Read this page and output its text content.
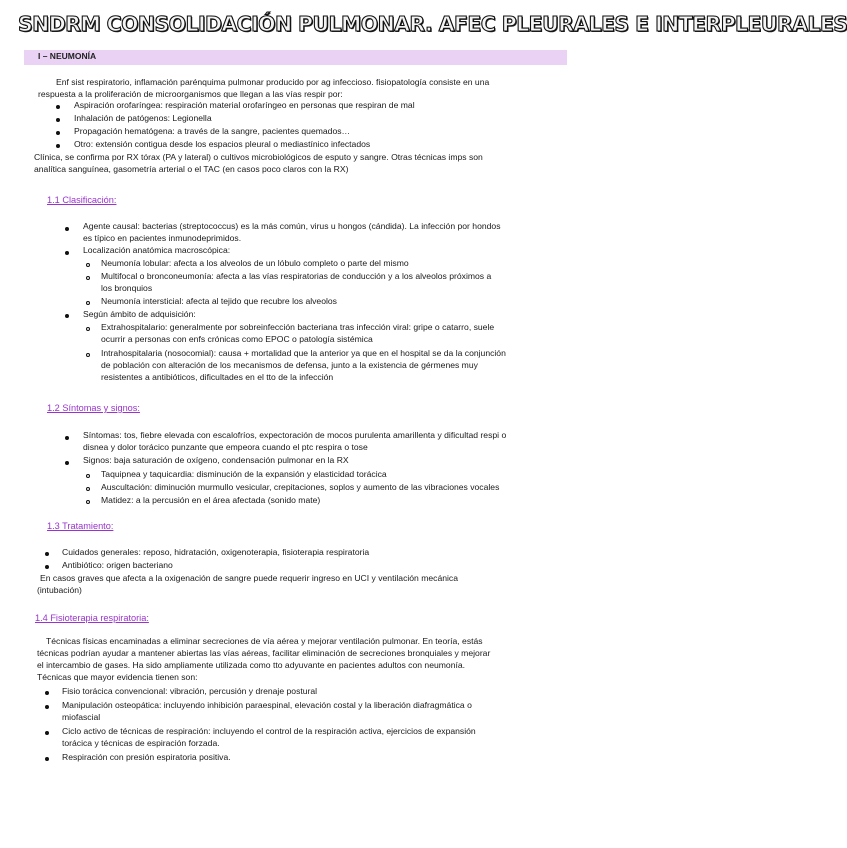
SNDRM CONSOLIDACIÓN PULMONAR. AFEC PLEURALES E INTERPLEURALES
I – NEUMONÍA
Enf sist respiratorio, inflamación parénquima pulmonar producido por ag infeccioso. fisiopatología consiste en una
respuesta a la proliferación de microorganismos que llegan a las vías respir por:
Aspiración orofaríngea: respiración material orofaríngeo en personas que respiran de mal
Inhalación de patógenos: Legionella
Propagación hematógena: a través de la sangre, pacientes quemados…
Otro: extensión contigua desde los espacios pleural o mediastínico infectados
Clínica, se confirma por RX tórax (PA y lateral) o cultivos microbiológicos de esputo y sangre. Otras técnicas imps son
analítica sanguínea, gasometría arterial o el TAC (en casos poco claros con la RX)
1.1 Clasificación:
Agente causal: bacterias (streptococcus) es la más común, virus u hongos (cándida). La infección por hondos
es típico en pacientes inmunodeprimidos.
Localización anatómica macroscópica:
Neumonía lobular: afecta a los alveolos de un lóbulo completo o parte del mismo
Multifocal o bronconeumonía: afecta a las vías respiratorias de conducción y a los alveolos próximos a
los bronquios
Neumonía intersticial: afecta al tejido que recubre los alveolos
Según ámbito de adquisición:
Extrahospitalario: generalmente por sobreinfección bacteriana tras infección viral: gripe o catarro, suele
ocurrir a personas con enfs crónicas como EPOC o patología sistémica
Intrahospitalaria (nosocomial): causa + mortalidad que la anterior ya que en el hospital se da la conjunción
de población con alteración de los mecanismos de defensa, junto a la existencia de gérmenes muy
resistentes a antibióticos, dificultades en el tto de la infección
1.2 Síntomas y signos:
Síntomas: tos, fiebre elevada con escalofríos, expectoración de mocos purulenta amarillenta y dificultad respi o
disnea y dolor torácico punzante que empeora cuando el ptc respira o tose
Signos: baja saturación de oxígeno, condensación pulmonar en la RX
Taquipnea y taquicardia: disminución de la expansión y elasticidad torácica
Auscultación: diminución murmullo vesicular, crepitaciones, soplos y aumento de las vibraciones vocales
Matidez: a la percusión en el área afectada (sonido mate)
1.3 Tratamiento:
Cuidados generales: reposo, hidratación, oxigenoterapia, fisioterapia respiratoria
Antibiótico: origen bacteriano
En casos graves que afecta a la oxigenación de sangre puede requerir ingreso en UCI y ventilación mecánica
(intubación)
1.4 Fisioterapia respiratoria:
Técnicas físicas encaminadas a eliminar secreciones de vía aérea y mejorar ventilación pulmonar. En teoría, estás
técnicas podrían ayudar a mantener abiertas las vías aéreas, facilitar eliminación de secreciones bronquiales y mejorar
el intercambio de gases. Ha sido ampliamente utilizada como tto adyuvante en pacientes adultos con neumonía.
Técnicas que mayor evidencia tienen son:
Fisio torácica convencional: vibración, percusión y drenaje postural
Manipulación osteopática: incluyendo inhibición paraespinal, elevación costal y la liberación diafragmática o
miofascial
Ciclo activo de técnicas de respiración: incluyendo el control de la respiración activa, ejercicios de expansión
torácica y técnicas de espiración forzada.
Respiración con presión espiratoria positiva.
